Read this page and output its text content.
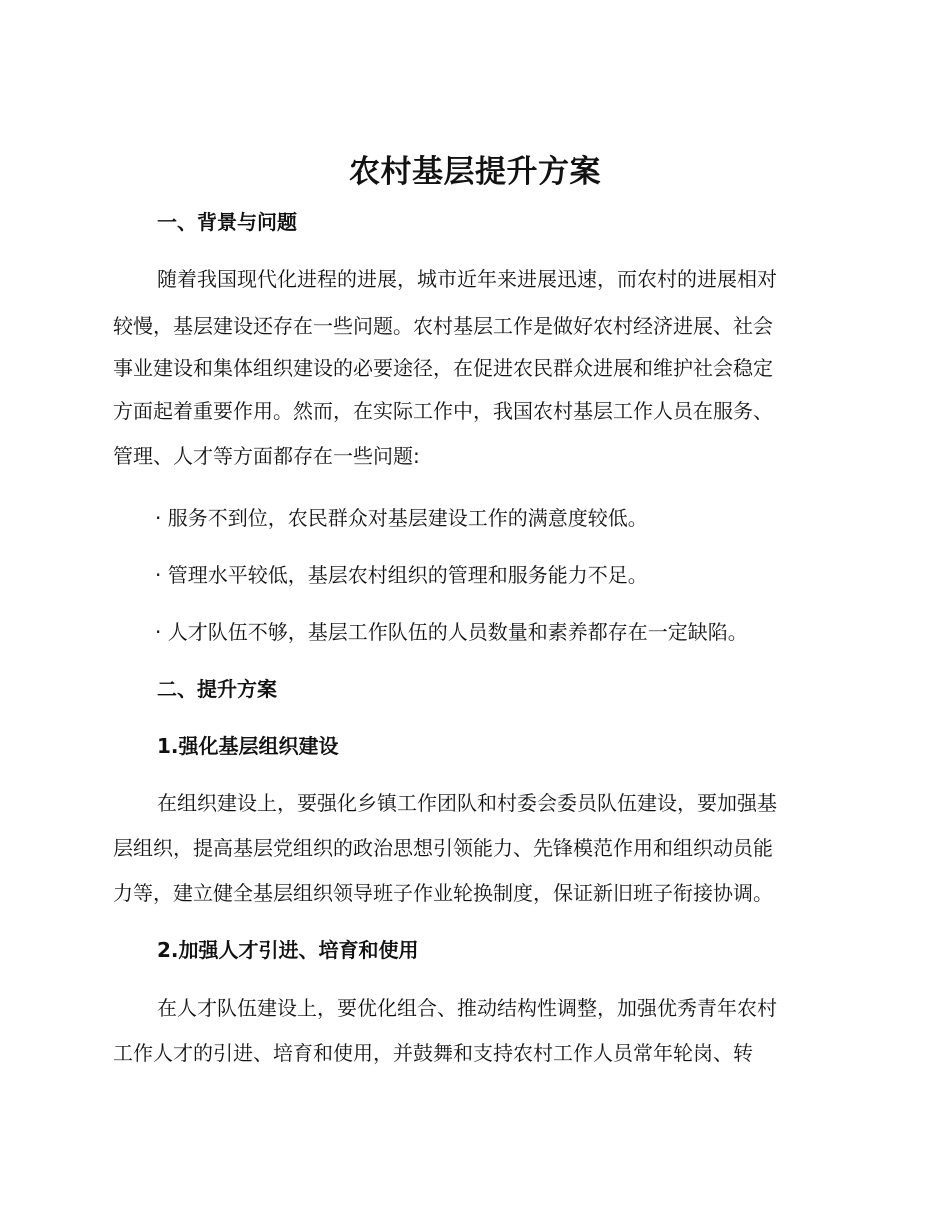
农村基层提升方案
一、背景与问题
随着我国现代化进程的进展，城市近年来进展迅速，而农村的进展相对
较慢，基层建设还存在一些问题。农村基层工作是做好农村经济进展、社会
事业建设和集体组织建设的必要途径，在促进农民群众进展和维护社会稳定
方面起着重要作用。然而，在实际工作中，我国农村基层工作人员在服务、
管理、人才等方面都存在一些问题:
· 服务不到位，农民群众对基层建设工作的满意度较低。
· 管理水平较低，基层农村组织的管理和服务能力不足。
· 人才队伍不够，基层工作队伍的人员数量和素养都存在一定缺陷。
二、提升方案
1.强化基层组织建设
在组织建设上，要强化乡镇工作团队和村委会委员队伍建设，要加强基
层组织，提高基层党组织的政治思想引领能力、先锋模范作用和组织动员能
力等，建立健全基层组织领导班子作业轮换制度，保证新旧班子衔接协调。
2.加强人才引进、培育和使用
在人才队伍建设上，要优化组合、推动结构性调整，加强优秀青年农村
工作人才的引进、培育和使用，并鼓舞和支持农村工作人员常年轮岗、转
